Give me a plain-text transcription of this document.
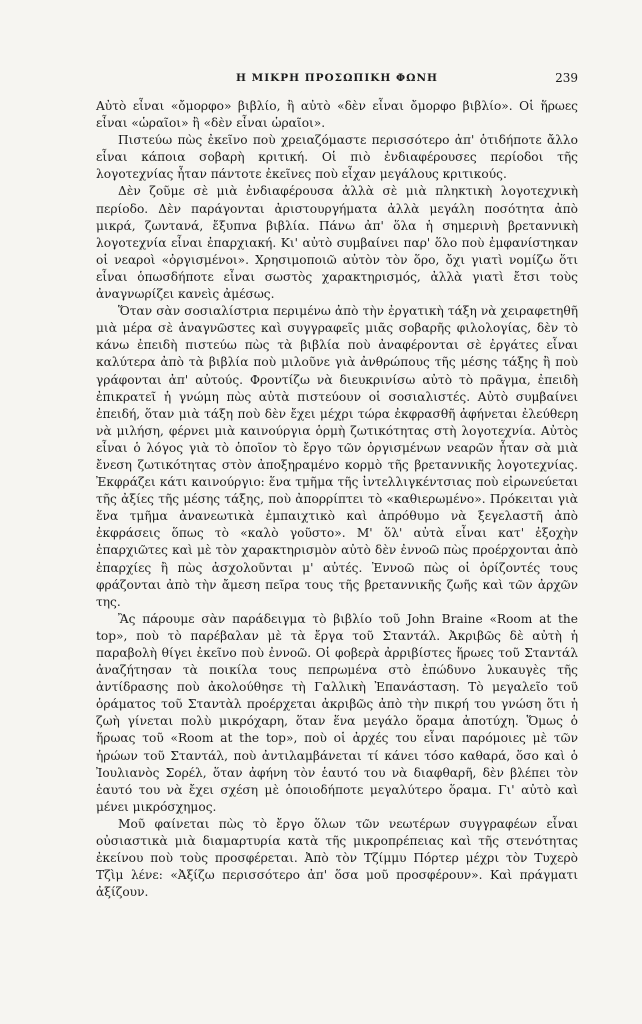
Η ΜΙΚΡΗ ΠΡΟΣΩΠΙΚΗ ΦΩΝΗ	239

Αὐτὸ εἶναι «ὄμορφο» βιβλίο, ἢ αὐτὸ «δὲν εἶναι ὄμορφο βιβλίο». Οἱ ἥρωες εἶναι «ὡραῖοι» ἢ «δὲν εἶναι ὡραῖοι».

Πιστεύω πὼς ἐκεῖνο ποὺ χρειαζόμαστε περισσότερο ἀπ' ὁτιδήποτε ἄλλο εἶναι κάποια σοβαρὴ κριτική. Οἱ πιὸ ἐνδιαφέρουσες περίοδοι τῆς λογοτεχνίας ἦταν πάντοτε ἐκεῖνες ποὺ εἶχαν μεγάλους κριτικούς.

Δὲν ζοῦμε σὲ μιὰ ἐνδιαφέρουσα ἀλλὰ σὲ μιὰ πληκτικὴ λογοτεχνικὴ περίοδο. Δὲν παράγονται ἀριστουργήματα ἀλλὰ μεγάλη ποσότητα ἀπὸ μικρά, ζωντανά, ἔξυπνα βιβλία. Πάνω ἀπ' ὅλα ἡ σημερινὴ βρεταννικὴ λογοτεχνία εἶναι ἐπαρχιακή. Κι' αὐτὸ συμβαίνει παρ' ὅλο ποὺ ἐμφανίστηκαν οἱ νεαροὶ «ὀργισμένοι». Χρησιμοποιῶ αὐτὸν τὸν ὅρο, ὄχι γιατὶ νομίζω ὅτι εἶναι ὁπωσδήποτε εἶναι σωστὸς χαρακτηρισμός, ἀλλὰ γιατὶ ἔτσι τοὺς ἀναγνωρίζει κανεὶς ἀμέσως.

Ὅταν σὰν σοσιαλίστρια περιμένω ἀπὸ τὴν ἐργατικὴ τάξη νὰ χειραφετηθῆ μιὰ μέρα σὲ ἀναγνῶστες καὶ συγγραφεῖς μιᾶς σοβαρῆς φιλολογίας, δὲν τὸ κάνω ἐπειδὴ πιστεύω πὼς τὰ βιβλία ποὺ ἀναφέρονται σὲ ἐργάτες εἶναι καλύτερα ἀπὸ τὰ βιβλία ποὺ μιλοῦνε γιὰ ἀνθρώπους τῆς μέσης τάξης ἢ ποὺ γράφονται ἀπ' αὐτούς. Φροντίζω νὰ διευκρινίσω αὐτὸ τὸ πρᾶγμα, ἐπειδὴ ἐπικρατεῖ ἡ γνώμη πὼς αὐτὰ πιστεύουν οἱ σοσιαλιστές. Αὐτὸ συμβαίνει ἐπειδή, ὅταν μιὰ τάξη ποὺ δὲν ἔχει μέχρι τώρα ἐκφρασθῆ ἀφήνεται ἐλεύθερη νὰ μιλήση, φέρνει μιὰ καινούργια ὁρμὴ ζωτικότητας στὴ λογοτεχνία. Αὐτὸς εἶναι ὁ λόγος γιὰ τὸ ὁποῖον τὸ ἔργο τῶν ὀργισμένων νεαρῶν ἦταν σὰ μιὰ ἔνεση ζωτικότητας στὸν ἀποξηραμένο κορμὸ τῆς βρεταννικῆς λογοτεχνίας. Ἐκφράζει κάτι καινούργιο: ἕνα τμῆμα τῆς ἰντελλιγκέντσιας ποὺ εἰρωνεύεται τῆς ἀξίες τῆς μέσης τάξης, ποὺ ἀπορρίπτει τὸ «καθιερωμένο». Πρόκειται γιὰ ἕνα τμῆμα ἀνανεωτικὰ ἐμπαιχτικὸ καὶ ἀπρόθυμο νὰ ξεγελαστῆ ἀπὸ ἐκφράσεις ὅπως τὸ «καλὸ γοῦστο». Μ' ὅλ' αὐτὰ εἶναι κατ' ἐξοχὴν ἐπαρχιῶτες καὶ μὲ τὸν χαρακτηρισμὸν αὐτὸ δὲν ἐννοῶ πὼς προέρχονται ἀπὸ ἐπαρχίες ἢ πὼς ἀσχολοῦνται μ' αὐτές. Ἐννοῶ πὼς οἱ ὁρίζοντές τους φράζονται ἀπὸ τὴν ἄμεση πεῖρα τους τῆς βρεταννικῆς ζωῆς καὶ τῶν ἀρχῶν της.

Ἂς πάρουμε σὰν παράδειγμα τὸ βιβλίο τοῦ John Braine «Room at the top», ποὺ τὸ παρέβαλαν μὲ τὰ ἔργα τοῦ Σταντάλ. Ἀκριβῶς δὲ αὐτὴ ἡ παραβολὴ θίγει ἐκεῖνο ποὺ ἐννοῶ. Οἱ φοβερὰ ἀρριβίστες ἥρωες τοῦ Σταντάλ ἀναζήτησαν τὰ ποικίλα τους πεπρωμένα στὸ ἐπώδυνο λυκαυγὲς τῆς ἀντίδρασης ποὺ ἀκολούθησε τὴ Γαλλικὴ Ἐπανάσταση. Τὸ μεγαλεῖο τοῦ ὁράματος τοῦ Σταντὰλ προέρχεται ἀκριβῶς ἀπὸ τὴν πικρή του γνώση ὅτι ἡ ζωὴ γίνεται πολὺ μικρόχαρη, ὅταν ἕνα μεγάλο ὅραμα ἀποτύχη. Ὅμως ὁ ἥρωας τοῦ «Room at the top», ποὺ οἱ ἀρχές του εἶναι παρόμοιες μὲ τῶν ἡρώων τοῦ Σταντάλ, ποὺ ἀντιλαμβάνεται τί κάνει τόσο καθαρά, ὅσο καὶ ὁ Ἰουλιανὸς Σορέλ, ὅταν ἀφήνη τὸν ἑαυτό του νὰ διαφθαρῆ, δὲν βλέπει τὸν ἑαυτό του νὰ ἔχει σχέση μὲ ὁποιοδήποτε μεγαλύτερο ὅραμα. Γι' αὐτὸ καὶ μένει μικρόσχημος.

Μοῦ φαίνεται πὼς τὸ ἔργο ὅλων τῶν νεωτέρων συγγραφέων εἶναι οὐσιαστικὰ μιὰ διαμαρτυρία κατὰ τῆς μικροπρέπειας καὶ τῆς στενότητας ἐκείνου ποὺ τοὺς προσφέρεται. Ἀπὸ τὸν Τζίμμυ Πόρτερ μέχρι τὸν Τυχερὸ Τζὶμ λένε: «Ἀξίζω περισσότερο ἀπ' ὅσα μοῦ προσφέρουν». Καὶ πράγματι ἀξίζουν.
